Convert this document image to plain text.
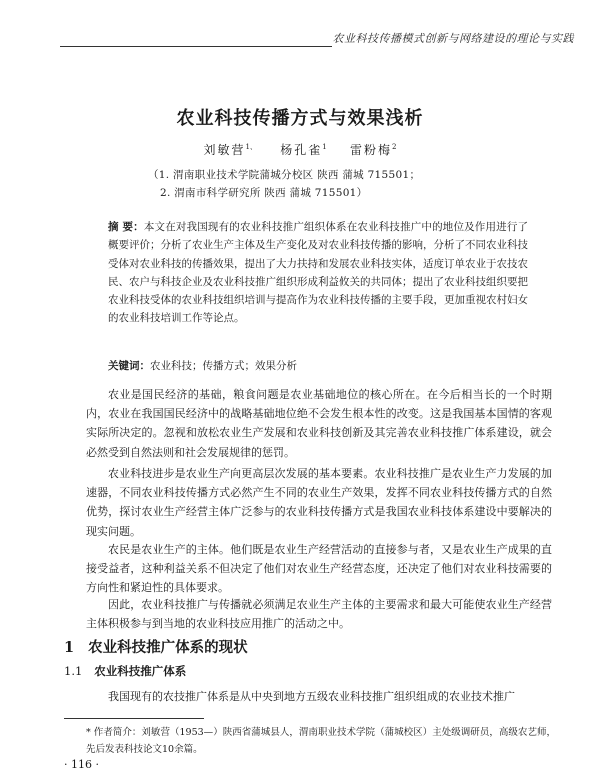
农业科技传播模式创新与网络建设的理论与实践
农业科技传播方式与效果浅析
刘敏营$^{1、}$ 杨孔雀$^1$ 雷粉梅$^2$
（1. 渭南职业技术学院蒲城分校区 陕西 蒲城 715501；
2. 渭南市科学研究所 陕西 蒲城 715501）
摘 要：本文在对我国现有的农业科技推广组织体系在农业科技推广中的地位及作用进行了概要评价；分析了农业生产主体及生产变化及对农业科技传播的影响，分析了不同农业科技受体对农业科技的传播效果，提出了大力扶持和发展农业科技实体，适度订单农业于农技农民、农户与科技企业及农业科技推广组织形成利益攸关的共同体；提出了农业科技组织要把农业科技受体的农业科技组织培训与提高作为农业科技传播的主要手段，更加重视农村妇女的农业科技培训工作等论点。
关键词：农业科技；传播方式；效果分析

农业是国民经济的基础，粮食问题是农业基础地位的核心所在。在今后相当长的一个时期内，农业在我国国民经济中的战略基础地位绝不会发生根本性的改变。这是我国基本国情的客观实际所决定的。忽视和放松农业生产发展和农业科技创新及其完善农业科技推广体系建设，就会必然受到自然法则和社会发展规律的惩罚。

农业科技进步是农业生产向更高层次发展的基本要素。农业科技推广是农业生产力发展的加速器，不同农业科技传播方式必然产生不同的农业生产效果，发挥不同农业科技传播方式的自然优势，探讨农业生产经营主体广泛参与的农业科技传播方式是我国农业科技体系建设中要解决的现实问题。

农民是农业生产的主体。他们既是农业生产经营活动的直接参与者，又是农业生产成果的直接受益者，这种利益关系不但决定了他们对农业生产经营态度，还决定了他们对农业科技需要的方向性和紧迫性的具体要求。

因此，农业科技推广与传播就必须满足农业生产主体的主要需求和最大可能使农业生产经营主体积极参与到当地的农业科技应用推广的活动之中。

1 农业科技推广体系的现状
1.1 农业科技推广体系
我国现有的农技推广体系是从中央到地方五级农业科技推广组织组成的农业技术推广
* 作者简介：刘敏营（1953—）陕西省蒲城县人，渭南职业技术学院（蒲城校区）主处级调研员，高级农艺师，先后发表科技论文10余篇。
· 116 ·
